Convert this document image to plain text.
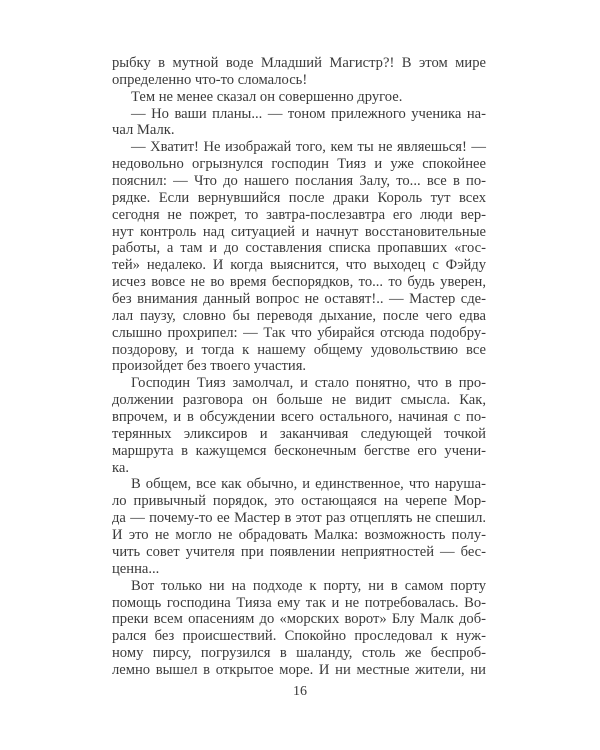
рыбку в мутной воде Младший Магистр?! В этом мире
определенно что-то сломалось!

Тем не менее сказал он совершенно другое.

— Но ваши планы... — тоном прилежного ученика на-
чал Малк.

— Хватит! Не изображай того, кем ты не являешься! —
недовольно огрызнулся господин Тияз и уже спокойнее
пояснил: — Что до нашего послания Залу, то... все в по-
рядке. Если вернувшийся после драки Король тут всех
сегодня не пожрет, то завтра-послезавтра его люди вер-
нут контроль над ситуацией и начнут восстановительные
работы, а там и до составления списка пропавших «гос-
тей» недалеко. И когда выяснится, что выходец с Фэйду
исчез вовсе не во время беспорядков, то... то будь уверен,
без внимания данный вопрос не оставят!.. — Мастер сде-
лал паузу, словно бы переводя дыхание, после чего едва
слышно прохрипел: — Так что убирайся отсюда подобру-
поздорову, и тогда к нашему общему удовольствию все
произойдет без твоего участия.

Господин Тияз замолчал, и стало понятно, что в про-
должении разговора он больше не видит смысла. Как,
впрочем, и в обсуждении всего остального, начиная с по-
терянных эликсиров и заканчивая следующей точкой
маршрута в кажущемся бесконечным бегстве его учени-
ка.

В общем, все как обычно, и единственное, что наруша-
ло привычный порядок, это остающаяся на черепе Мор-
да — почему-то ее Мастер в этот раз отцеплять не спешил.
И это не могло не обрадовать Малка: возможность полу-
чить совет учителя при появлении неприятностей — бес-
ценна...

Вот только ни на подходе к порту, ни в самом порту
помощь господина Тияза ему так и не потребовалась. Во-
преки всем опасениям до «морских ворот» Блу Малк доб-
рался без происшествий. Спокойно проследовал к нуж-
ному пирсу, погрузился в шаланду, столь же беспроб-
лемно вышел в открытое море. И ни местные жители, ни

16
